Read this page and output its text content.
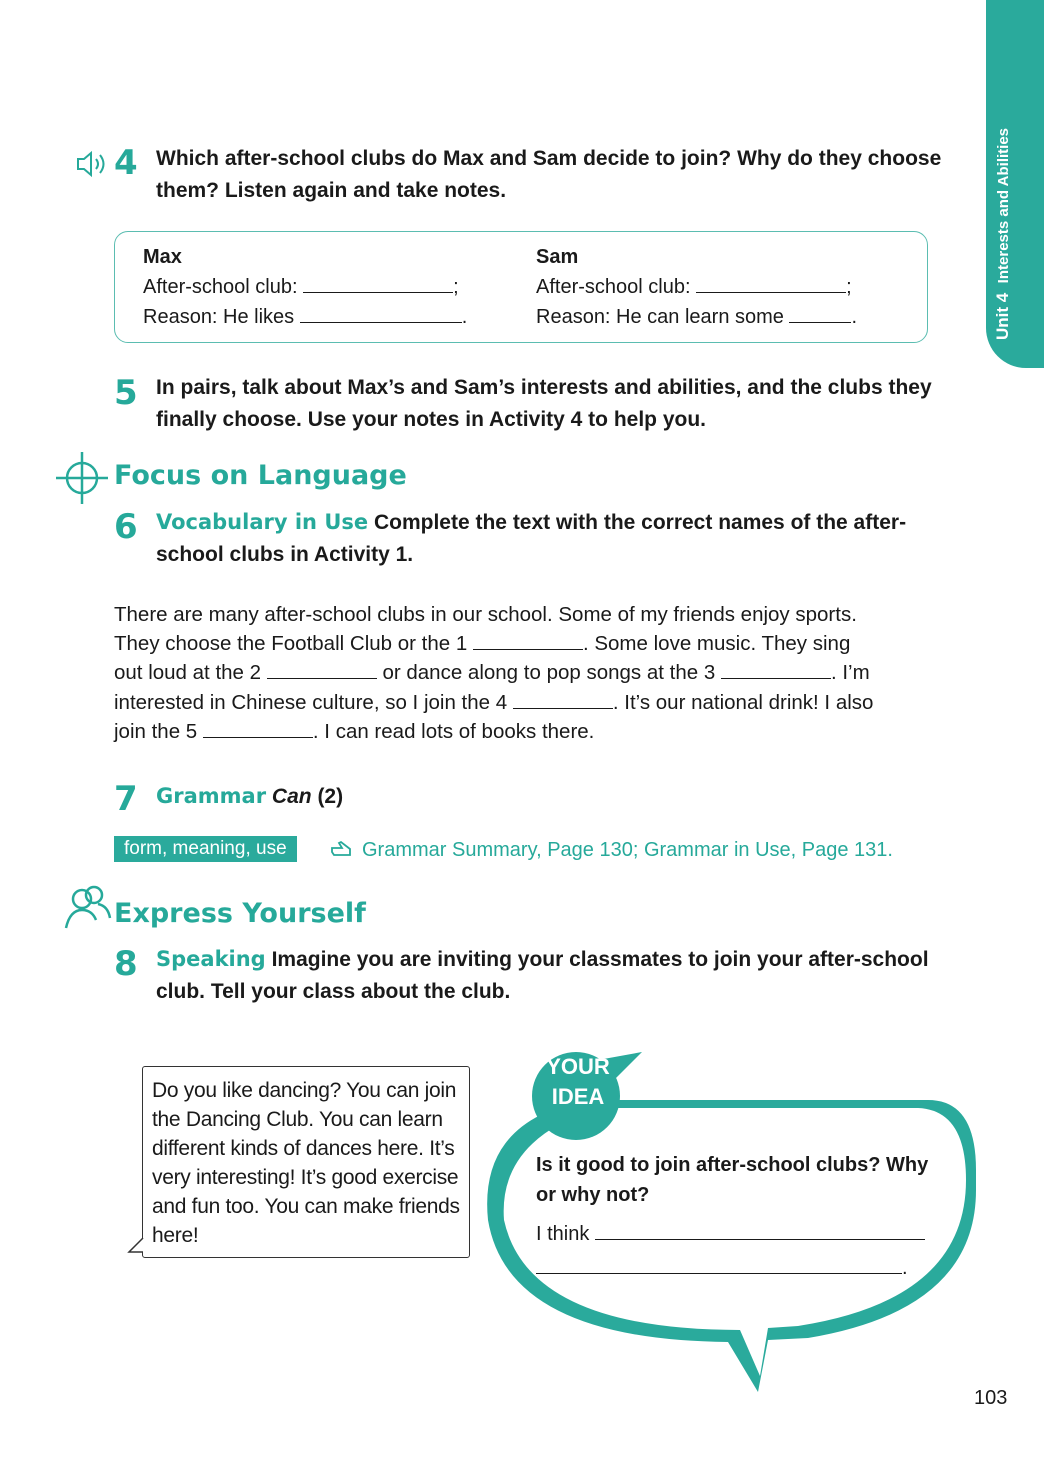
Unit 4  Interests and Abilities
4 Which after-school clubs do Max and Sam decide to join? Why do they choose
them? Listen again and take notes.
Max
After-school club:	;
Reason: He likes	.
Sam
After-school club:	;
Reason: He can learn some	.
5 In pairs, talk about Max’s and Sam’s interests and abilities, and the clubs they
finally choose. Use your notes in Activity 4 to help you.
Focus on Language
6 Vocabulary in Use Complete the text with the correct names of the after-
school clubs in Activity 1.
There are many after-school clubs in our school. Some of my friends enjoy sports.
They choose the Football Club or the 1	. Some love music. They sing
out loud at the 2	or dance along to pop songs at the 3	. I’m
interested in Chinese culture, so I join the 4	. It’s our national drink! I also
join the 5	. I can read lots of books there.
7 Grammar Can (2)
form, meaning, use	Grammar Summary, Page 130; Grammar in Use, Page 131.
Express Yourself
8 Speaking Imagine you are inviting your classmates to join your after-school
club. Tell your class about the club.
Do you like dancing? You can join
the Dancing Club. You can learn
different kinds of dances here. It’s
very interesting! It’s good exercise
and fun too. You can make friends
here!
YOUR
IDEA
Is it good to join after-school clubs? Why
or why not?
I think
.
103
